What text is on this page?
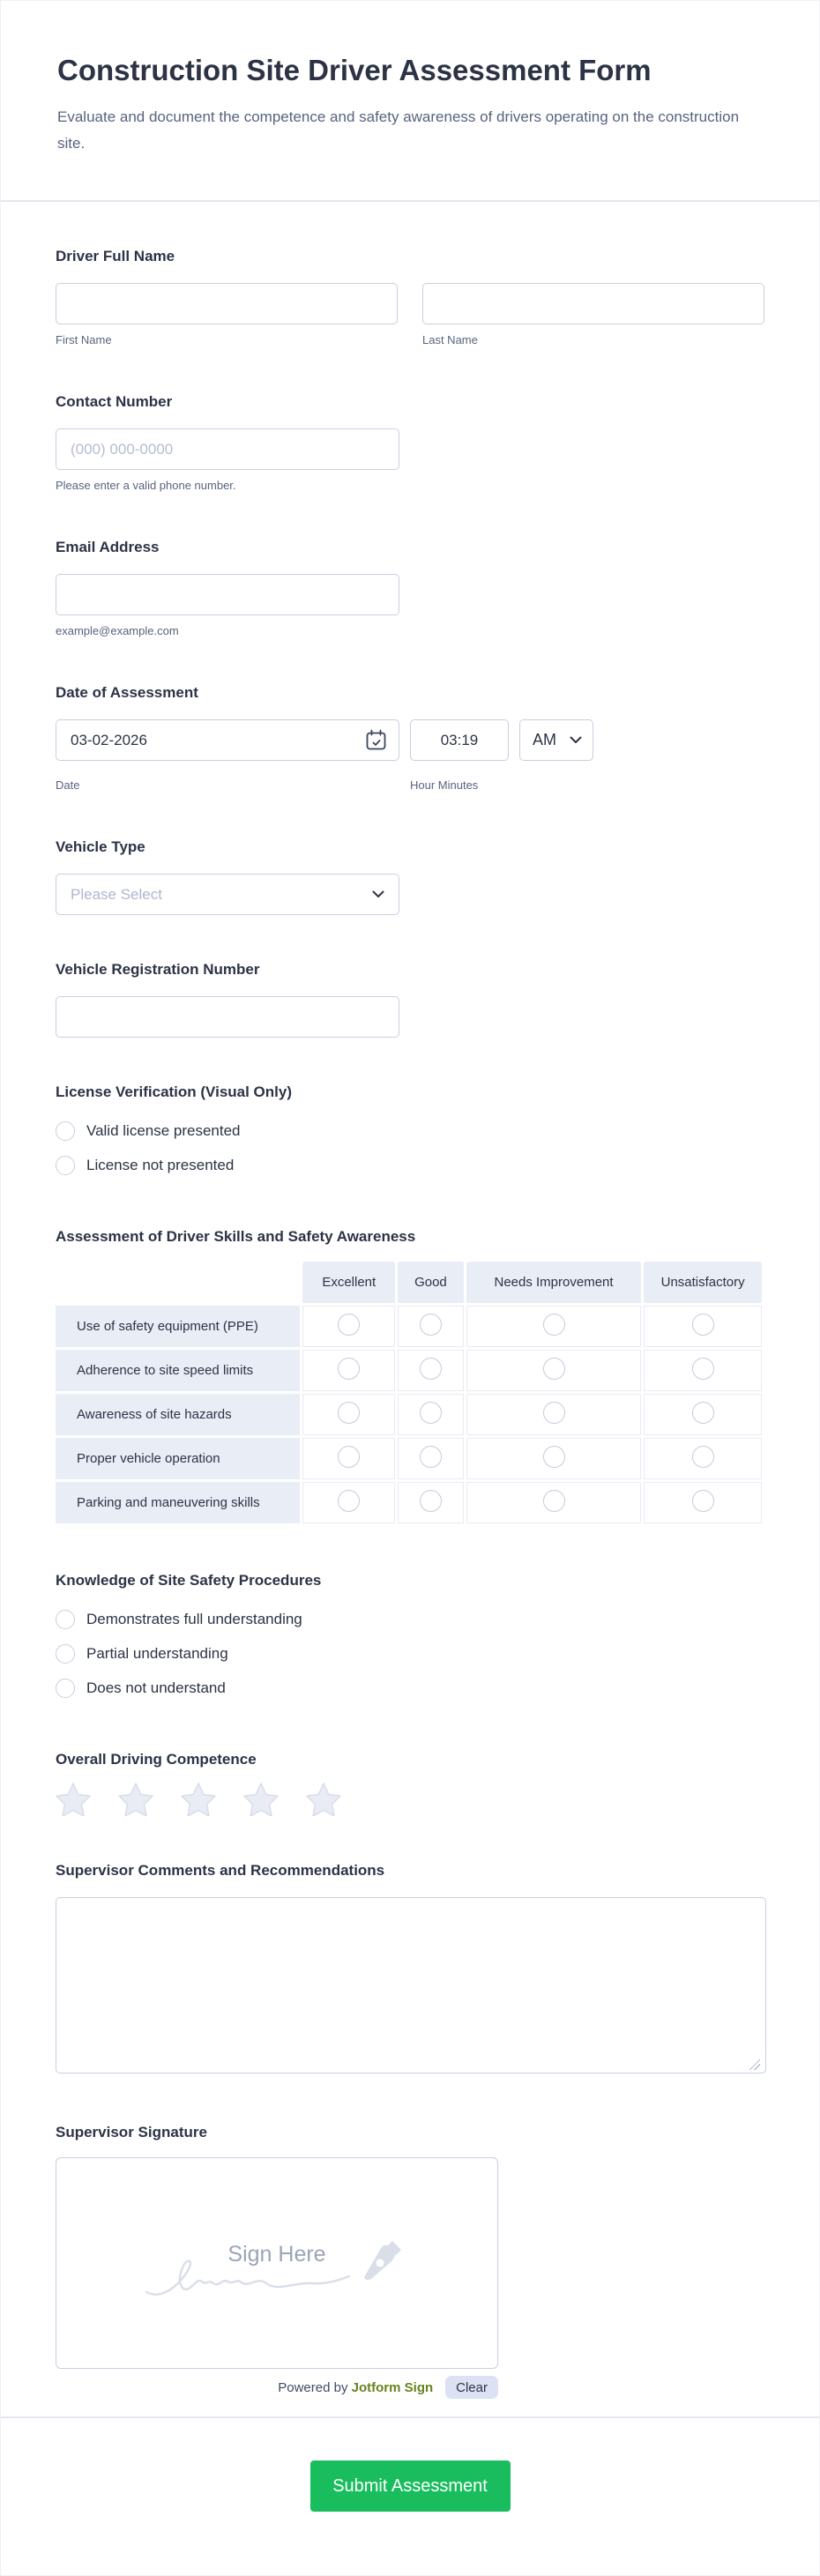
Construction Site Driver Assessment Form
Evaluate and document the competence and safety awareness of drivers operating on the construction site.
Driver Full Name
First Name	Last Name
Contact Number
(000) 000-0000
Please enter a valid phone number.
Email Address
example@example.com
Date of Assessment
03-02-2026
03:19
AM
Date	Hour Minutes
Vehicle Type
Please Select
Vehicle Registration Number
License Verification (Visual Only)
Valid license presented
License not presented
Assessment of Driver Skills and Safety Awareness
	Excellent	Good	Needs Improvement	Unsatisfactory
Use of safety equipment (PPE)				
Adherence to site speed limits				
Awareness of site hazards				
Proper vehicle operation				
Parking and maneuvering skills				
Knowledge of Site Safety Procedures
Demonstrates full understanding
Partial understanding
Does not understand
Overall Driving Competence
Supervisor Comments and Recommendations
Supervisor Signature
Sign Here
Powered by Jotform Sign	Clear
Submit Assessment
